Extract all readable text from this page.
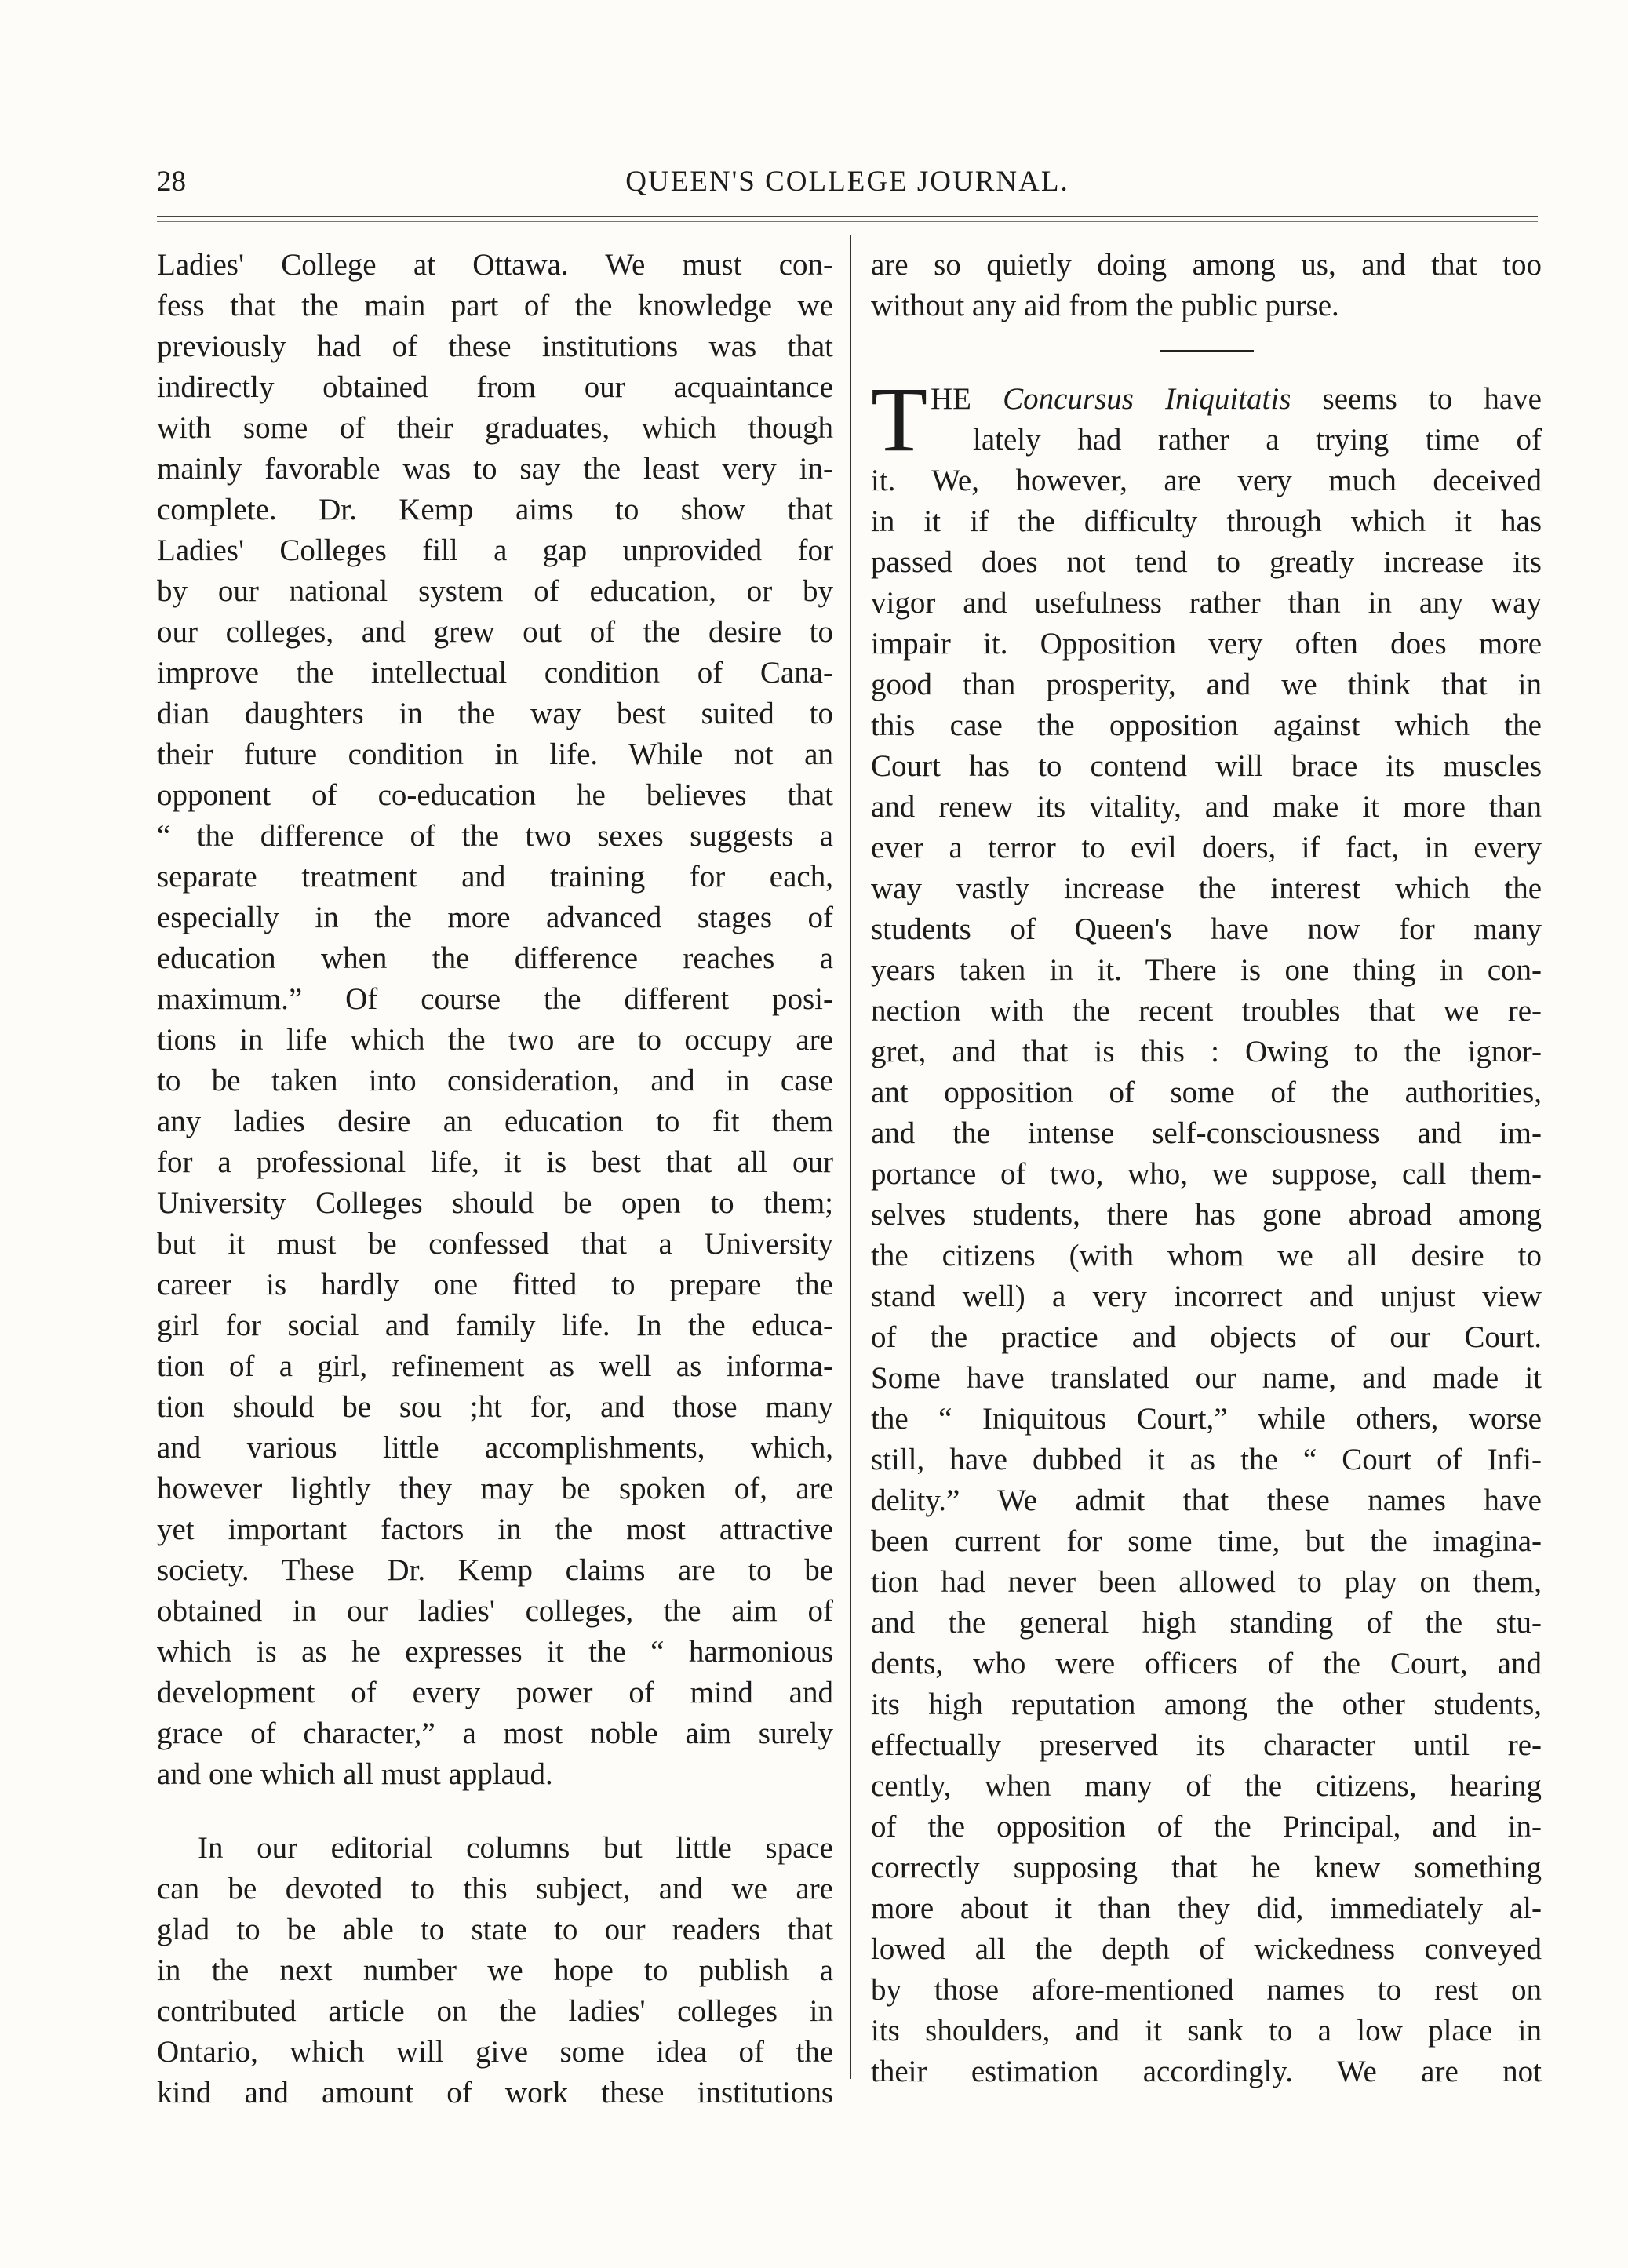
28	QUEEN'S COLLEGE JOURNAL.
Ladies' College at Ottawa. We must con-
fess that the main part of the knowledge we
previously had of these institutions was that
indirectly obtained from our acquaintance
with some of their graduates, which though
mainly favorable was to say the least very in-
complete. Dr. Kemp aims to show that
Ladies' Colleges fill a gap unprovided for
by our national system of education, or by
our colleges, and grew out of the desire to
improve the intellectual condition of Cana-
dian daughters in the way best suited to
their future condition in life. While not an
opponent of co-education he believes that
“ the difference of the two sexes suggests a
separate treatment and training for each,
especially in the more advanced stages of
education when the difference reaches a
maximum.” Of course the different posi-
tions in life which the two are to occupy are
to be taken into consideration, and in case
any ladies desire an education to fit them
for a professional life, it is best that all our
University Colleges should be open to them;
but it must be confessed that a University
career is hardly one fitted to prepare the
girl for social and family life. In the educa-
tion of a girl, refinement as well as informa-
tion should be sou ;ht for, and those many
and various little accomplishments, which,
however lightly they may be spoken of, are
yet important factors in the most attractive
society. These Dr. Kemp claims are to be
obtained in our ladies' colleges, the aim of
which is as he expresses it the “ harmonious
development of every power of mind and
grace of character,” a most noble aim surely
and one which all must applaud.
In our editorial columns but little space
can be devoted to this subject, and we are
glad to be able to state to our readers that
in the next number we hope to publish a
contributed article on the ladies' colleges in
Ontario, which will give some idea of the
kind and amount of work these institutions
are so quietly doing among us, and that too
without any aid from the public purse.
T HE Concursus Iniquitatis seems to have
lately had rather a trying time of
it. We, however, are very much deceived
in it if the difficulty through which it has
passed does not tend to greatly increase its
vigor and usefulness rather than in any way
impair it. Opposition very often does more
good than prosperity, and we think that in
this case the opposition against which the
Court has to contend will brace its muscles
and renew its vitality, and make it more than
ever a terror to evil doers, if fact, in every
way vastly increase the interest which the
students of Queen's have now for many
years taken in it. There is one thing in con-
nection with the recent troubles that we re-
gret, and that is this : Owing to the ignor-
ant opposition of some of the authorities,
and the intense self-consciousness and im-
portance of two, who, we suppose, call them-
selves students, there has gone abroad among
the citizens (with whom we all desire to
stand well) a very incorrect and unjust view
of the practice and objects of our Court.
Some have translated our name, and made it
the “ Iniquitous Court,” while others, worse
still, have dubbed it as the “ Court of Infi-
delity.” We admit that these names have
been current for some time, but the imagina-
tion had never been allowed to play on them,
and the general high standing of the stu-
dents, who were officers of the Court, and
its high reputation among the other students,
effectually preserved its character until re-
cently, when many of the citizens, hearing
of the opposition of the Principal, and in-
correctly supposing that he knew something
more about it than they did, immediately al-
lowed all the depth of wickedness conveyed
by those afore-mentioned names to rest on
its shoulders, and it sank to a low place in
their estimation accordingly. We are not
